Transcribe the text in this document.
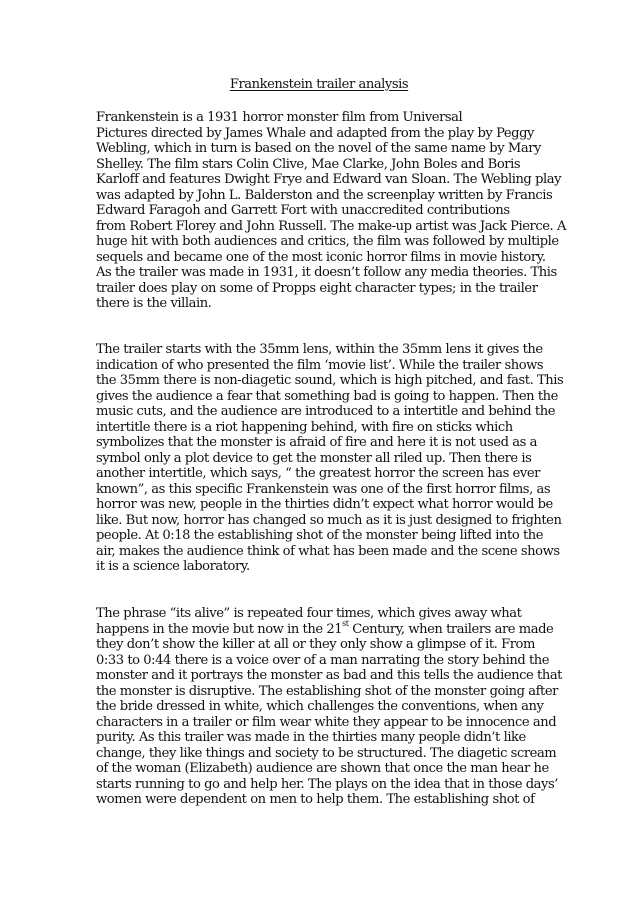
Frankenstein trailer analysis
Frankenstein is a 1931 horror monster film from Universal
Pictures directed by James Whale and adapted from the play by Peggy
Webling, which in turn is based on the novel of the same name by Mary
Shelley. The film stars Colin Clive, Mae Clarke, John Boles and Boris
Karloff and features Dwight Frye and Edward van Sloan. The Webling play
was adapted by John L. Balderston and the screenplay written by Francis
Edward Faragoh and Garrett Fort with unaccredited contributions
from Robert Florey and John Russell. The make-up artist was Jack Pierce. A
huge hit with both audiences and critics, the film was followed by multiple
sequels and became one of the most iconic horror films in movie history.
As the trailer was made in 1931, it doesn’t follow any media theories. This
trailer does play on some of Propps eight character types; in the trailer
there is the villain.
The trailer starts with the 35mm lens, within the 35mm lens it gives the
indication of who presented the film ‘movie list’. While the trailer shows
the 35mm there is non-diagetic sound, which is high pitched, and fast. This
gives the audience a fear that something bad is going to happen. Then the
music cuts, and the audience are introduced to a intertitle and behind the
intertitle there is a riot happening behind, with fire on sticks which
symbolizes that the monster is afraid of fire and here it is not used as a
symbol only a plot device to get the monster all riled up. Then there is
another intertitle, which says, “ the greatest horror the screen has ever
known”, as this specific Frankenstein was one of the first horror films, as
horror was new, people in the thirties didn’t expect what horror would be
like. But now, horror has changed so much as it is just designed to frighten
people. At 0:18 the establishing shot of the monster being lifted into the
air, makes the audience think of what has been made and the scene shows
it is a science laboratory.
The phrase “its alive” is repeated four times, which gives away what
happens in the movie but now in the 21st Century, when trailers are made
they don’t show the killer at all or they only show a glimpse of it. From
0:33 to 0:44 there is a voice over of a man narrating the story behind the
monster and it portrays the monster as bad and this tells the audience that
the monster is disruptive. The establishing shot of the monster going after
the bride dressed in white, which challenges the conventions, when any
characters in a trailer or film wear white they appear to be innocence and
purity. As this trailer was made in the thirties many people didn’t like
change, they like things and society to be structured. The diagetic scream
of the woman (Elizabeth) audience are shown that once the man hear he
starts running to go and help her. The plays on the idea that in those days’
women were dependent on men to help them. The establishing shot of
